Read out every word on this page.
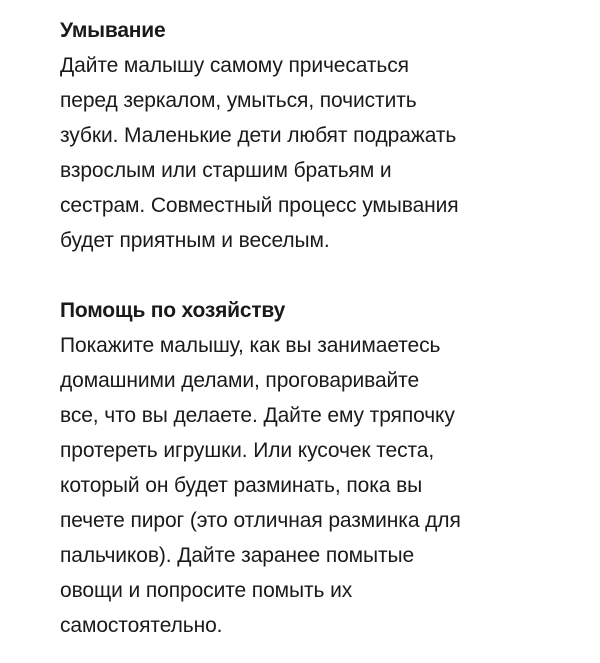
Умывание
Дайте малышу самому причесаться
перед зеркалом, умыться, почистить
зубки. Маленькие дети любят подражать
взрослым или старшим братьям и
сестрам. Совместный процесс умывания
будет приятным и веселым.
Помощь по хозяйству
Покажите малышу, как вы занимаетесь
домашними делами, проговаривайте
все, что вы делаете. Дайте ему тряпочку
протереть игрушки. Или кусочек теста,
который он будет разминать, пока вы
печете пирог (это отличная разминка для
пальчиков). Дайте заранее помытые
овощи и попросите помыть их
самостоятельно.
